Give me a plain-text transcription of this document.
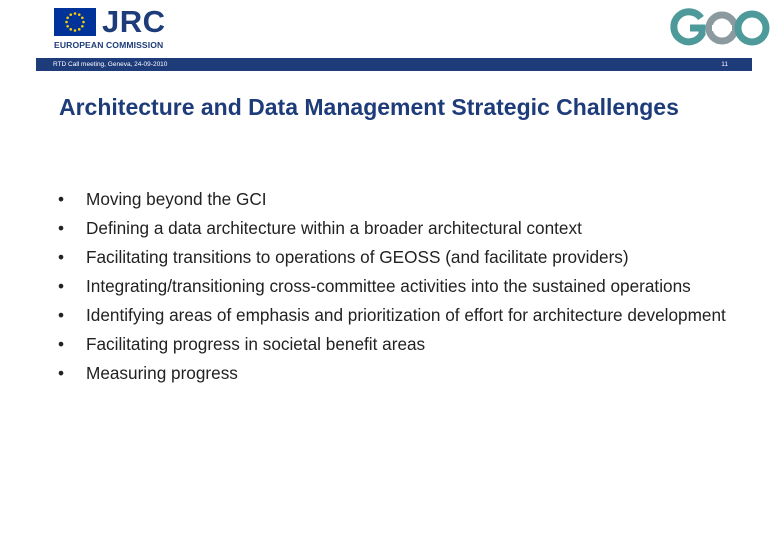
JRC
EUROPEAN COMMISSION
RTD Call meeting, Geneva, 24-09-2010	11
Architecture and Data Management Strategic Challenges
• Moving beyond the GCI
• Defining a data architecture within a broader architectural context
• Facilitating transitions to operations of GEOSS (and facilitate providers)
• Integrating/transitioning cross-committee activities into the sustained operations
• Identifying areas of emphasis and prioritization of effort for architecture development
• Facilitating progress in societal benefit areas
• Measuring progress
